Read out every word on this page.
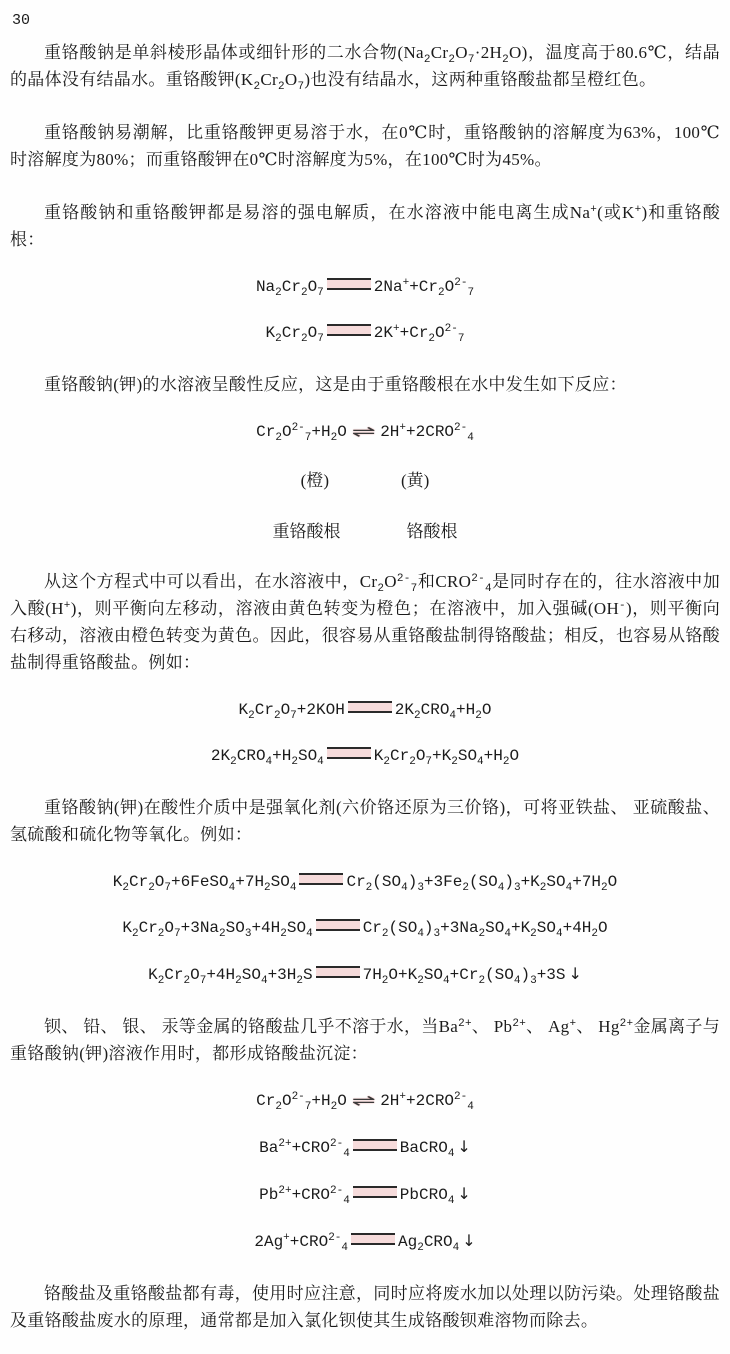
30

重铬酸钠是单斜棱形晶体或细针形的二水合物$(Na_2Cr_2O_7\cdot 2H_2O)$，温度高于80.6℃，结晶的晶体没有结晶水。重铬酸钾$(K_2Cr_2O_7)$也没有结晶水，这两种重铬酸盐都呈橙红色。

重铬酸钠易潮解，比重铬酸钾更易溶于水，在0℃时，重铬酸钠的溶解度为63%，100℃时溶解度为80%；而重铬酸钾在0℃时溶解度为5%，在100℃时为45%。

重铬酸钠和重铬酸钾都是易溶的强电解质，在水溶液中能电离生成Na+(或K+)和重铬酸根：

$Na_2Cr_2O_7$	$2Na^++Cr_2O^{2-}_7$
$K_2Cr_2O_7$	$2K^++Cr_2O^{2-}_7$

重铬酸钠(钾)的水溶液呈酸性反应，这是由于重铬酸根在水中发生如下反应：

$Cr_2O^{2-}_7+H_2O$ ⇌ $2H^++2CRO^{2-}_4$
(橙)	(黄)
重铬酸根	铬酸根

从这个方程式中可以看出，在水溶液中，$Cr_2O^{2-}_7$和$CRO^{2-}_4$是同时存在的，往水溶液中加入酸(H+)，则平衡向左移动，溶液由黄色转变为橙色；在溶液中，加入强碱(OH-)，则平衡向右移动，溶液由橙色转变为黄色。因此，很容易从重铬酸盐制得铬酸盐；相反，也容易从铬酸盐制得重铬酸盐。例如：

$K_2Cr_2O_7+2KOH$	$2K_2CRO_4+H_2O$
$2K_2CRO_4+H_2SO_4$	$K_2Cr_2O_7+K_2SO_4+H_2O$

重铬酸钠(钾)在酸性介质中是强氧化剂(六价铬还原为三价铬)，可将亚铁盐、 亚硫酸盐、 氢硫酸和硫化物等氧化。例如：

$K_2Cr_2O_7+6FeSO_4+7H_2SO_4$	$Cr_2(SO_4)_3+3Fe_2(SO_4)_3+K_2SO_4+7H_2O$
$K_2Cr_2O_7+3Na_2SO_3+4H_2SO_4$	$Cr_2(SO_4)_3+3Na_2SO_4+K_2SO_4+4H_2O$
$K_2Cr_2O_7+4H_2SO_4+3H_2S$	$7H_2O+K_2SO_4+Cr_2(SO_4)_3+3S$ ↓

钡、 铅、 银、 汞等金属的铬酸盐几乎不溶于水，当$Ba^{2+}$、 $Pb^{2+}$、 Ag+、 $Hg^{2+}$金属离子与重铬酸钠(钾)溶液作用时，都形成铬酸盐沉淀：

$Cr_2O^{2-}_7+H_2O$ ⇌ $2H^++2CRO^{2-}_4$
$Ba^{2+}+CRO^{2-}_4$	BaCRO$_4$ ↓
$Pb^{2+}+CRO^{2-}_4$	PbCRO$_4$ ↓
$2Ag^++CRO^{2-}_4$	$Ag_2CRO_4$ ↓

铬酸盐及重铬酸盐都有毒，使用时应注意，同时应将废水加以处理以防污染。处理铬酸盐及重铬酸盐废水的原理，通常都是加入氯化钡使其生成铬酸钡难溶物而除去。
